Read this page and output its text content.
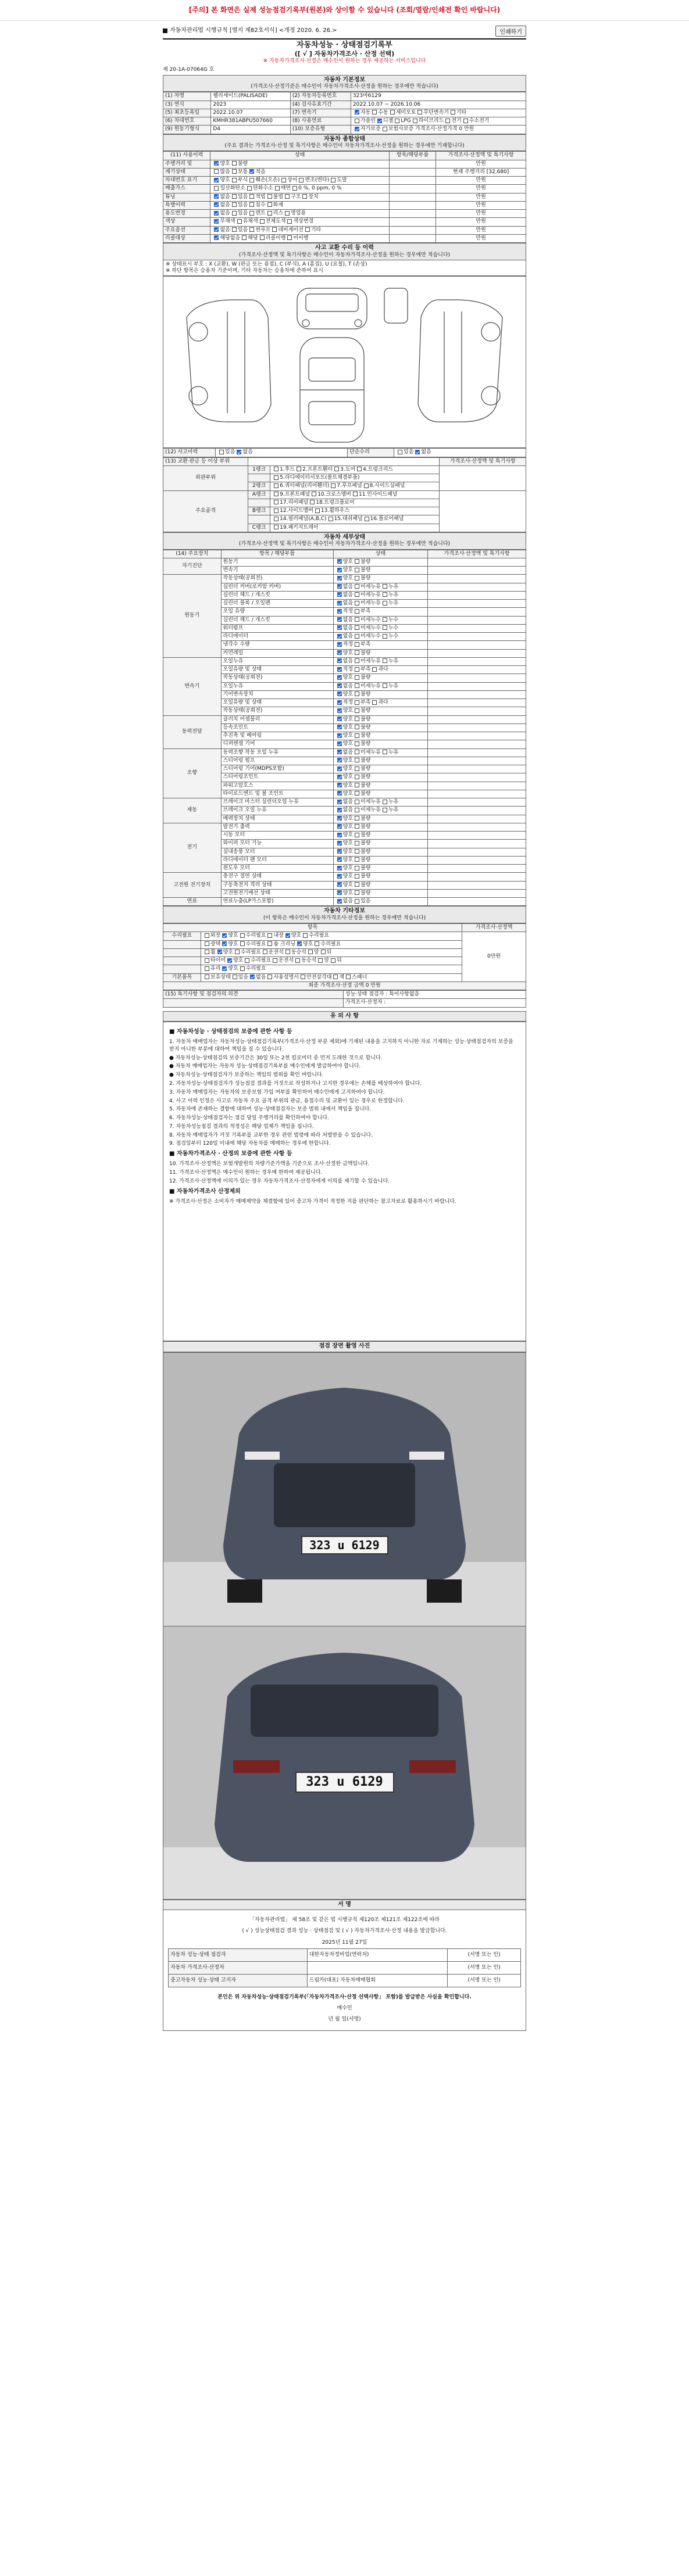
[주의] 본 화면은 실제 성능점검기록부(원본)와 상이할 수 있습니다 (조회/열람/인쇄전 확인 바랍니다)
자동차관리법 시행규칙 [별지 제82호서식] <개정 2020. 6. 26.>	인쇄하기
자동차성능 · 상태점검기록부
([ √ ] 자동차가격조사 · 산정 선택)
※ 자동차가격조사·산정은 매수인이 원하는 경우 제공하는 서비스입니다
제 20-1A-07064G 호
자동차 기본정보
(가격조사·산정기준은 매수인이 자동차가격조사·산정을 원하는 경우에만 적습니다)
(1) 차명	펠리세이드(PALISADE)	(2) 자동차등록번호	323마6129
(3) 연식	2023	(4) 검사유효기간	2022.10.07 ~ 2026.10.06
(5) 최초등록일	2022.10.07	(7) 변속기	자동 수동 세미오토 무단변속기 기타
(6) 차대번호	KMHR381ABPU507660	(8) 사용연료	가솔린 디젤 LPG 하이브리드 전기 수소전기
(9) 원동기형식	D4	(10) 보증유형	자가보증 보험사보증 가격조사·산정가격 0 만원
자동차 종합상태
(주요 결과는 가격조사·산정 및 특기사항은 매수인이 자동차가격조사·산정을 원하는 경우에만 기재합니다)
(11) 사용이력	상태	항목/해당부품	가격조사·산정액 및 특기사항
주행거리 및	양호 불량		만원
계기상태	많음 보통 적음		현재 주행거리 [32,680]
차대번호 표기	양호 부식 훼손(오손) 상이 변조(변타) 도말		만원
배출가스	일산화탄소 탄화수소 매연 0 %, 0 ppm, 0 %		만원
튜닝	없음 있음 적법 불법 구조 장치		만원
특별이력	없음 있음 침수 화재		만원
용도변경	없음 있음 렌트 리스 영업용		만원
색상	무채색 유채색 전체도색 색상변경		만원
주요옵션	없음 있음 썬루프 네비게이션 기타		만원
리콜대상	해당없음 해당 리콜이행 미이행		만원
사고 교환 수리 등 이력
(가격조사·산정액 및 특기사항은 매수인이 자동차가격조사·산정을 원하는 경우에만 적습니다)
※ 상태표시 부호 : X (교환), W (판금 또는 용접), C (부식), A (흠집), U (요철), T (손상)
※ 하단 항목은 승용차 기준이며, 기타 자동차는 승용차에 준하여 표시
(12) 사고이력	있음 없음	단순수리	있음 없음
(13) 교환·판금 등 이상 부위			가격조사·산정액 및 특기사항
외판부위	1랭크	1.후드 2.프론트휀더 3.도어 4.트렁크리드	
		5.라디에이터서포트(볼트체결부품)	
	2랭크	6.쿼터패널(리어휀더) 7.루프패널 8.사이드실패널	
주요골격	A랭크	9.프론트패널 10.크로스멤버 11.인사이드패널	
		17.리어패널 18.트렁크플로어	
	B랭크	12.사이드멤버 13.휠하우스	
		14.필러패널(A,B,C) 15.대쉬패널 16.플로어패널	
	C랭크	19.패키지트레이	
자동차 세부상태
(가격조사·산정액 및 특기사항은 매수인이 자동차가격조사·산정을 원하는 경우에만 적습니다)
(14) 주요장치	항목 / 해당부품	상태	가격조사·산정액 및 특기사항
자기진단	원동기	양호 불량	
	변속기	양호 불량	
원동기	작동상태(공회전)	양호 불량	
	실린더 커버(로커암 커버)	없음 미세누유 누유	
	실린더 헤드 / 개스킷	없음 미세누유 누유	
	실린더 블록 / 오일팬	없음 미세누유 누유	
	오일 유량	적정 부족	
	실린더 헤드 / 개스킷	없음 미세누수 누수	
	워터펌프	없음 미세누수 누수	
	라디에이터	없음 미세누수 누수	
	냉각수 수량	적정 부족	
	커먼레일	양호 불량	
변속기	오일누유	없음 미세누유 누유	
	오일유량 및 상태	적정 부족 과다	
	작동상태(공회전)	양호 불량	
	오일누유	없음 미세누유 누유	
	기어변속장치	양호 불량	
	오일유량 및 상태	적정 부족 과다	
	작동상태(공회전)	양호 불량	
동력전달	클러치 어셈블리	양호 불량	
	등속조인트	양호 불량	
	추진축 및 베어링	양호 불량	
	디퍼렌셜 기어	양호 불량	
조향	동력조향 작동 오일 누유	없음 미세누유 누유	
	스티어링 펌프	양호 불량	
	스티어링 기어(MDPS포함)	양호 불량	
	스티어링조인트	양호 불량	
	파워고압호스	양호 불량	
	타이로드엔드 및 볼 조인트	양호 불량	
제동	브레이크 마스터 실린더오일 누유	없음 미세누유 누유	
	브레이크 오일 누유	없음 미세누유 누유	
	배력장치 상태	양호 불량	
전기	발전기 출력	양호 불량	
	시동 모터	양호 불량	
	와이퍼 모터 기능	양호 불량	
	실내송풍 모터	양호 불량	
	라디에이터 팬 모터	양호 불량	
	윈도우 모터	양호 불량	
고전원 전기장치	충전구 절연 상태	양호 불량	
	구동축전지 격리 상태	양호 불량	
	고전원전기배선 상태	양호 불량	
연료	연료누출(LP가스포함)	없음 있음	
자동차 기타정보
(이 항목은 매수인이 자동차가격조사·산정을 원하는 경우에만 적습니다)
항목		가격조사·산정액
수리필요	외장 양호 수리필요 내장 양호 수리필요	0만원
	광택 양호 수리필요 룸 크리닝 양호 수리필요	
	휠 양호 수리필요 운전석 동승석 앞 뒤	
	타이어 양호 수리필요 운전석 동승석 앞 뒤	
	유리 양호 수리필요	
기본품목	보유상태 있음 없음 사용설명서 안전삼각대 잭 스패너	
최종 가격조사·산정 금액 0 만원		
(15) 특기사항 및 점검자의 의견	성능·상태 점검자 : 특이사항없음
	가격조사·산정자 :
유 의 사 항
■ 자동차성능 · 상태점검의 보증에 관한 사항 등

1. 자동차 매매업자는 자동차성능·상태점검기록부(가격조사·산정 부분 제외)에 기재된 내용을 고지하지 아니한 자로 기재하는 성능·상태점검자의 보증을 받지 아니한 부분에 대하여 책임을 질 수 있습니다.

● 자동차성능·상태점검의 보증기간은 30일 또는 2천 킬로미터 중 먼저 도래한 것으로 합니다.

● 자동차 매매업자는 자동차 성능·상태점검기록부를 매수인에게 발급하여야 합니다.

● 자동차성능·상태점검자가 보증하는 책임의 범위를 확인 바랍니다.

2. 자동차성능·상태점검자가 성능점검 결과를 거짓으로 작성하거나 고지한 경우에는 손해를 배상하여야 합니다.

3. 자동차 매매업자는 자동차의 보증보험 가입 여부를 확인하여 매수인에게 고지하여야 합니다.

4. 사고 이력 인정은 사고로 자동차 주요 골격 부위의 판금, 용접수리 및 교환이 있는 경우로 한정합니다.

5. 자동차에 존재하는 결함에 대하여 성능·상태점검자는 보증 범위 내에서 책임을 집니다.

6. 자동차성능·상태점검자는 점검 당일 주행거리를 확인하여야 합니다.

7. 자동차성능점검 결과의 적정성은 해당 업체가 책임을 집니다.

8. 자동차 매매업자가 거짓 기록부를 교부한 경우 관련 법령에 따라 처벌받을 수 있습니다.

9. 점검일부터 120일 이내에 해당 자동차를 매매하는 경우에 한합니다.

■ 자동차가격조사 · 산정의 보증에 관한 사항 등

10. 가격조사·산정액은 보험개발원의 차량기준가액을 기준으로 조사·산정한 금액입니다.

11. 가격조사·산정액은 매수인이 원하는 경우에 한하여 제공됩니다.

12. 가격조사·산정액에 이의가 있는 경우 자동차가격조사·산정자에게 이의를 제기할 수 있습니다.

■ 자동차가격조사 산정제외

※ 가격조사·산정은 소비자가 매매계약을 체결함에 있어 중고차 가격이 적정한 지를 판단하는 참고자료로 활용하시기 바랍니다.

점검 장면 촬영 사진
323 u 6129
323 u 6129
서 명
「자동차관리법」 제 58조 및 같은 법 시행규칙 제120조 제121조 제122조에 따라
( √ ) 성능상태점검 결과 성능 · 상태점검 및 ( √ ) 자동차가격조사·산정 내용을 발급합니다.
2025년 11월 27일
자동차 성능·상태 점검자	대한자동차정비업(연락처)	(서명 또는 인)
자동차 가격조사·산정자		(서명 또는 인)
중고자동차 성능·상태 고지자	드림카(대표) 자동차매매협회	(서명 또는 인)
본인은 위 자동차성능·상태점검기록부(「자동차가격조사·산정 선택사항」 포함)를 발급받은 사실을 확인합니다.
매수인
년 월 일(서명)
